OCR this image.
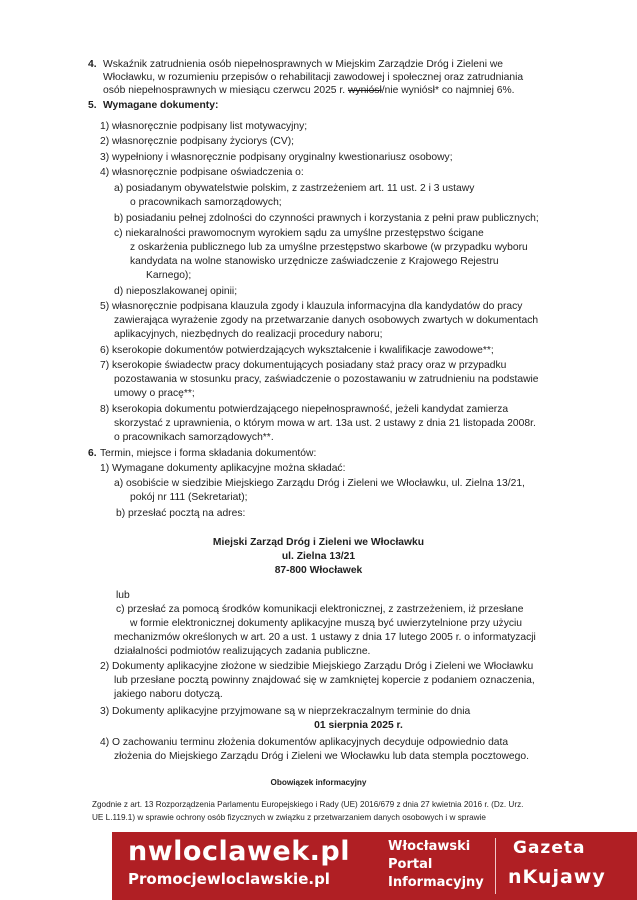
4. Wskaźnik zatrudnienia osób niepełnosprawnych w Miejskim Zarządzie Dróg i Zieleni we
Włocławku, w rozumieniu przepisów o rehabilitacji zawodowej i społecznej oraz zatrudniania
osób niepełnosprawnych w miesiącu czerwcu 2025 r. wyniósł/nie wyniósł* co najmniej 6%.
5. Wymagane dokumenty:
1) własnoręcznie podpisany list motywacyjny;
2) własnoręcznie podpisany życiorys (CV);
3) wypełniony i własnoręcznie podpisany oryginalny kwestionariusz osobowy;
4) własnoręcznie podpisane oświadczenia o:
a) posiadanym obywatelstwie polskim, z zastrzeżeniem art. 11 ust. 2 i 3 ustawy
o pracownikach samorządowych;
b) posiadaniu pełnej zdolności do czynności prawnych i korzystania z pełni praw publicznych;
c) niekaralności prawomocnym wyrokiem sądu za umyślne przestępstwo ścigane
z oskarżenia publicznego lub za umyślne przestępstwo skarbowe (w przypadku wyboru
kandydata na wolne stanowisko urzędnicze zaświadczenie z Krajowego Rejestru
Karnego);
d) nieposzlakowanej opinii;
5) własnoręcznie podpisana klauzula zgody i klauzula informacyjna dla kandydatów do pracy
zawierająca wyrażenie zgody na przetwarzanie danych osobowych zwartych w dokumentach
aplikacyjnych, niezbędnych do realizacji procedury naboru;
6) kserokopie dokumentów potwierdzających wykształcenie i kwalifikacje zawodowe**;
7) kserokopie świadectw pracy dokumentujących posiadany staż pracy oraz w przypadku
pozostawania w stosunku pracy, zaświadczenie o pozostawaniu w zatrudnieniu na podstawie
umowy o pracę**;
8) kserokopia dokumentu potwierdzającego niepełnosprawność, jeżeli kandydat zamierza
skorzystać z uprawnienia, o którym mowa w art. 13a ust. 2 ustawy z dnia 21 listopada 2008r.
o pracownikach samorządowych**.
6. Termin, miejsce i forma składania dokumentów:
1) Wymagane dokumenty aplikacyjne można składać:
a) osobiście w siedzibie Miejskiego Zarządu Dróg i Zieleni we Włocławku, ul. Zielna 13/21,
pokój nr 111 (Sekretariat);
b) przesłać pocztą na adres:
Miejski Zarząd Dróg i Zieleni we Włocławku
ul. Zielna 13/21
87-800 Włocławek
lub
c) przesłać za pomocą środków komunikacji elektronicznej, z zastrzeżeniem, iż przesłane
w formie elektronicznej dokumenty aplikacyjne muszą być uwierzytelnione przy użyciu
mechanizmów określonych w art. 20 a ust. 1 ustawy z dnia 17 lutego 2005 r. o informatyzacji
działalności podmiotów realizujących zadania publiczne.
2) Dokumenty aplikacyjne złożone w siedzibie Miejskiego Zarządu Dróg i Zieleni we Włocławku
lub przesłane pocztą powinny znajdować się w zamkniętej kopercie z podaniem oznaczenia,
jakiego naboru dotyczą.
3) Dokumenty aplikacyjne przyjmowane są w nieprzekraczalnym terminie do dnia
01 sierpnia 2025 r.
4) O zachowaniu terminu złożenia dokumentów aplikacyjnych decyduje odpowiednio data
złożenia do Miejskiego Zarządu Dróg i Zieleni we Włocławku lub data stempla pocztowego.
Obowiązek informacyjny
Zgodnie z art. 13 Rozporządzenia Parlamentu Europejskiego i Rady (UE) 2016/679 z dnia 27 kwietnia 2016 r. (Dz. Urz.
UE L.119.1) w sprawie ochrony osób fizycznych w związku z przetwarzaniem danych osobowych i w sprawie
nwloclawek.pl
Promocjewloclawskie.pl
Włocławski
Portal
Informacyjny
Gazeta
nKujawy
